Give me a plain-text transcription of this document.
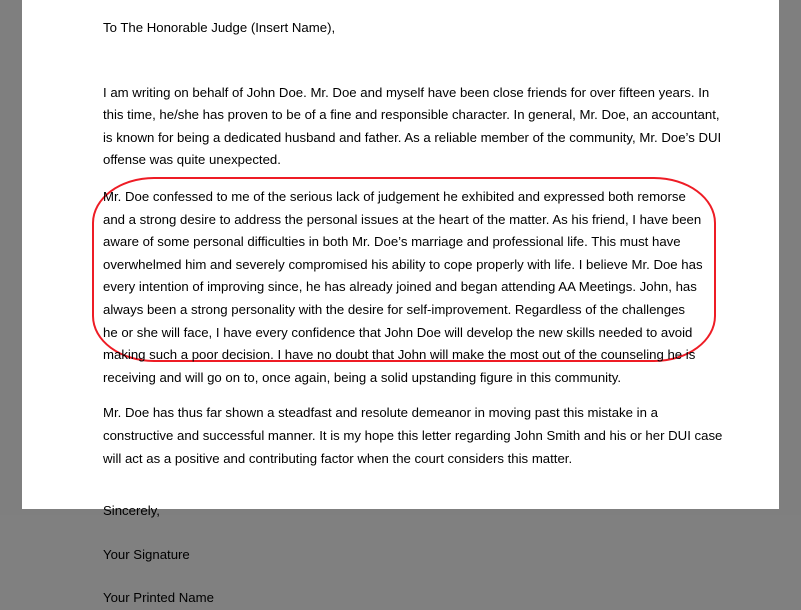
To The Honorable Judge (Insert Name),

I am writing on behalf of John Doe. Mr. Doe and myself have been close friends for over fifteen years. In this time, he/she has proven to be of a fine and responsible character. In general, Mr. Doe, an accountant, is known for being a dedicated husband and father. As a reliable member of the community, Mr. Doe’s DUI offense was quite unexpected.

Mr. Doe confessed to me of the serious lack of judgement he exhibited and expressed both remorse and a strong desire to address the personal issues at the heart of the matter. As his friend, I have been aware of some personal difficulties in both Mr. Doe’s marriage and professional life. This must have overwhelmed him and severely compromised his ability to cope properly with life. I believe Mr. Doe has every intention of improving since, he has already joined and began attending AA Meetings. John, has always been a strong personality with the desire for self-improvement. Regardless of the challenges he or she will face, I have every confidence that John Doe will develop the new skills needed to avoid making such a poor decision. I have no doubt that John will make the most out of the counseling he is receiving and will go on to, once again, being a solid upstanding figure in this community.

Mr. Doe has thus far shown a steadfast and resolute demeanor in moving past this mistake in a constructive and successful manner. It is my hope this letter regarding John Smith and his or her DUI case will act as a positive and contributing factor when the court considers this matter.

Sincerely,

Your Signature

Your Printed Name
